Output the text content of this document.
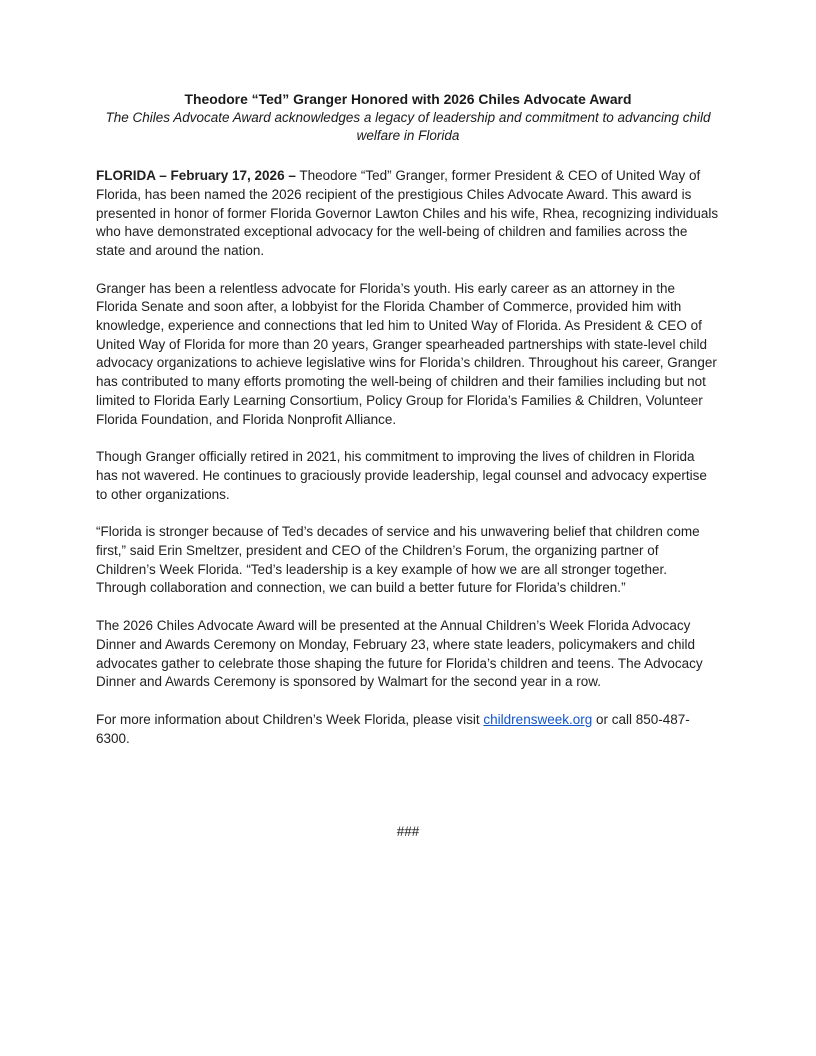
Theodore “Ted” Granger Honored with 2026 Chiles Advocate Award

The Chiles Advocate Award acknowledges a legacy of leadership and commitment to advancing child welfare in Florida

FLORIDA – February 17, 2026 – Theodore “Ted” Granger, former President & CEO of United Way of Florida, has been named the 2026 recipient of the prestigious Chiles Advocate Award. This award is presented in honor of former Florida Governor Lawton Chiles and his wife, Rhea, recognizing individuals who have demonstrated exceptional advocacy for the well-being of children and families across the state and around the nation.

Granger has been a relentless advocate for Florida’s youth. His early career as an attorney in the Florida Senate and soon after, a lobbyist for the Florida Chamber of Commerce, provided him with knowledge, experience and connections that led him to United Way of Florida. As President & CEO of United Way of Florida for more than 20 years, Granger spearheaded partnerships with state-level child advocacy organizations to achieve legislative wins for Florida’s children. Throughout his career, Granger has contributed to many efforts promoting the well-being of children and their families including but not limited to Florida Early Learning Consortium, Policy Group for Florida’s Families & Children, Volunteer Florida Foundation, and Florida Nonprofit Alliance.

Though Granger officially retired in 2021, his commitment to improving the lives of children in Florida has not wavered. He continues to graciously provide leadership, legal counsel and advocacy expertise to other organizations.

“Florida is stronger because of Ted’s decades of service and his unwavering belief that children come first,” said Erin Smeltzer, president and CEO of the Children’s Forum, the organizing partner of Children’s Week Florida. “Ted’s leadership is a key example of how we are all stronger together. Through collaboration and connection, we can build a better future for Florida’s children.”

The 2026 Chiles Advocate Award will be presented at the Annual Children’s Week Florida Advocacy Dinner and Awards Ceremony on Monday, February 23, where state leaders, policymakers and child advocates gather to celebrate those shaping the future for Florida’s children and teens. The Advocacy Dinner and Awards Ceremony is sponsored by Walmart for the second year in a row.

For more information about Children’s Week Florida, please visit childrensweek.org or call 850-487-6300.

###
